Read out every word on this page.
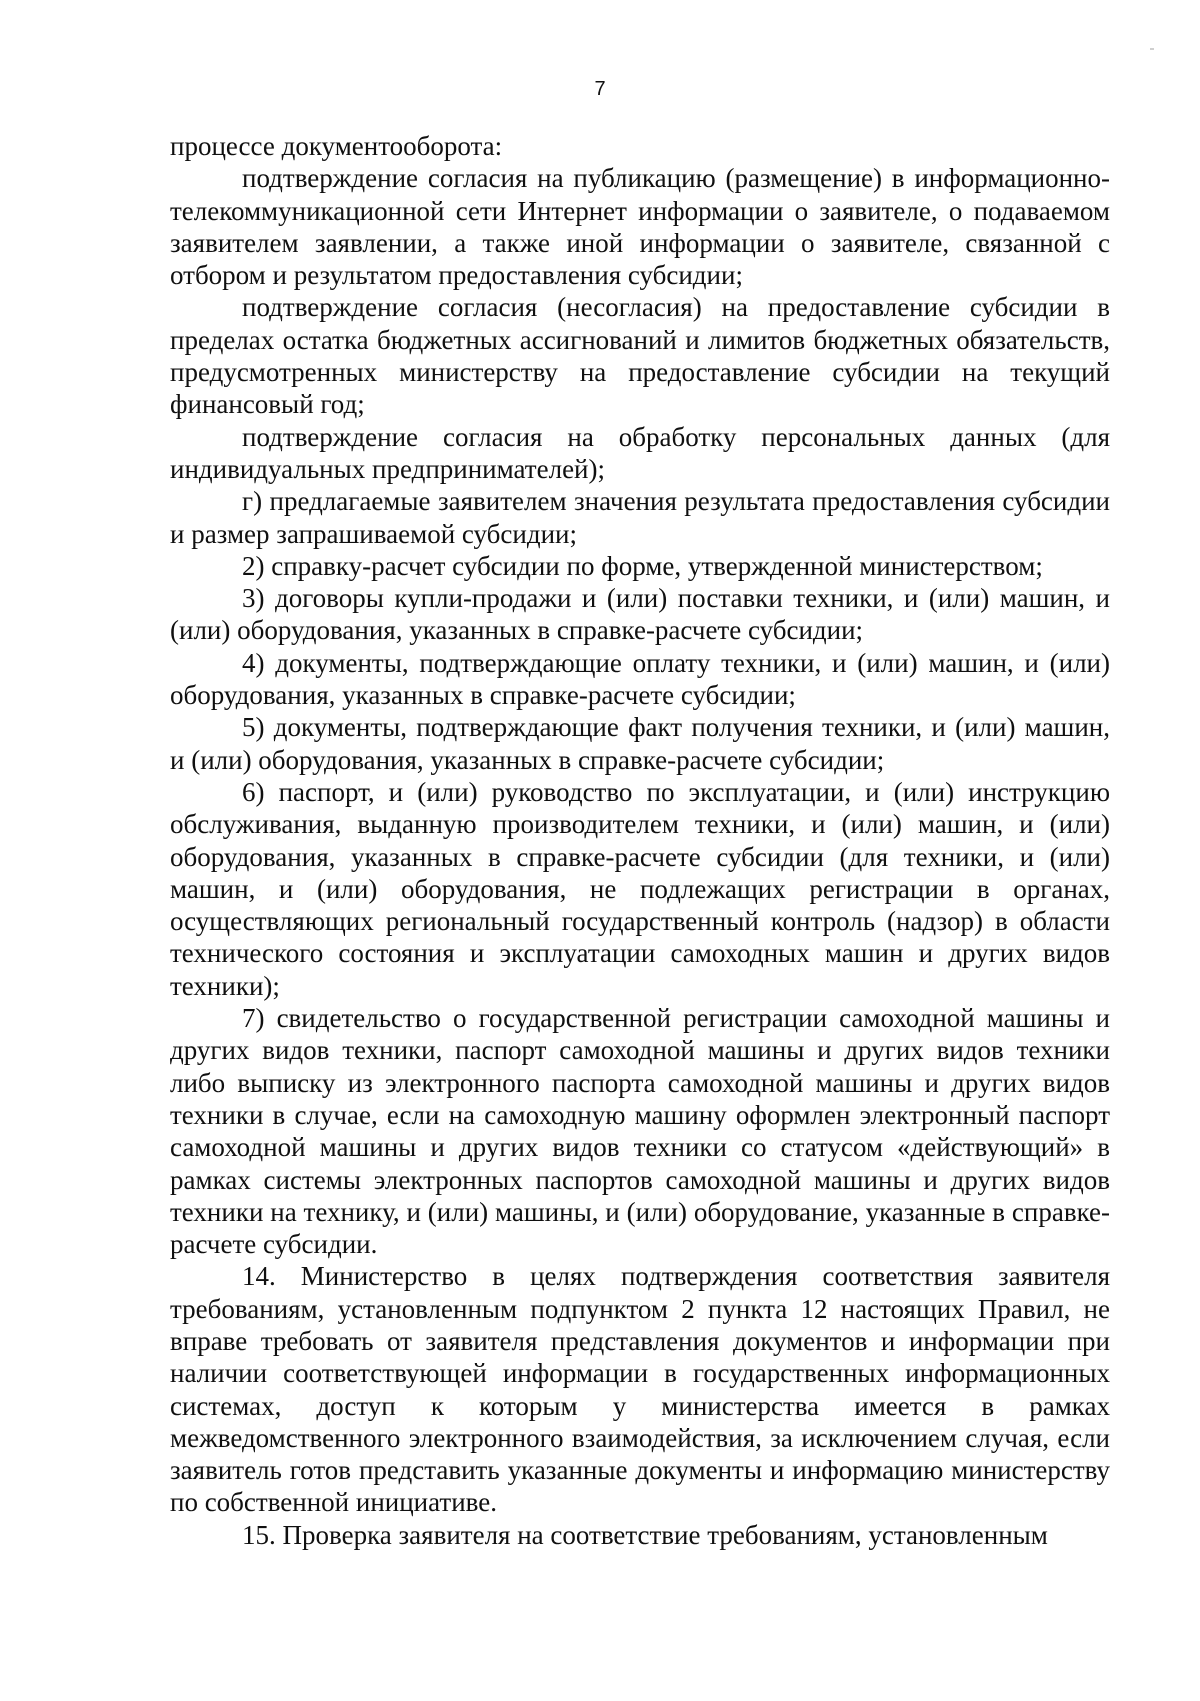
7

процессе документооборота:

подтверждение согласия на публикацию (размещение) в информационно-телекоммуникационной сети Интернет информации о заявителе, о подаваемом заявителем заявлении, а также иной информации о заявителе, связанной с отбором и результатом предоставления субсидии;

подтверждение согласия (несогласия) на предоставление субсидии в пределах остатка бюджетных ассигнований и лимитов бюджетных обязательств, предусмотренных министерству на предоставление субсидии на текущий финансовый год;

подтверждение согласия на обработку персональных данных (для индивидуальных предпринимателей);

г) предлагаемые заявителем значения результата предоставления субсидии и размер запрашиваемой субсидии;

2) справку-расчет субсидии по форме, утвержденной министерством;

3) договоры купли-продажи и (или) поставки техники, и (или) машин, и (или) оборудования, указанных в справке-расчете субсидии;

4) документы, подтверждающие оплату техники, и (или) машин, и (или) оборудования, указанных в справке-расчете субсидии;

5) документы, подтверждающие факт получения техники, и (или) машин, и (или) оборудования, указанных в справке-расчете субсидии;

6) паспорт, и (или) руководство по эксплуатации, и (или) инструкцию обслуживания, выданную производителем техники, и (или) машин, и (или) оборудования, указанных в справке-расчете субсидии (для техники, и (или) машин, и (или) оборудования, не подлежащих регистрации в органах, осуществляющих региональный государственный контроль (надзор) в области технического состояния и эксплуатации самоходных машин и других видов техники);

7) свидетельство о государственной регистрации самоходной машины и других видов техники, паспорт самоходной машины и других видов техники либо выписку из электронного паспорта самоходной машины и других видов техники в случае, если на самоходную машину оформлен электронный паспорт самоходной машины и других видов техники со статусом «действующий» в рамках системы электронных паспортов самоходной машины и других видов техники на технику, и (или) машины, и (или) оборудование, указанные в справке-расчете субсидии.

14. Министерство в целях подтверждения соответствия заявителя требованиям, установленным подпунктом 2 пункта 12 настоящих Правил, не вправе требовать от заявителя представления документов и информации при наличии соответствующей информации в государственных информационных системах, доступ к которым у министерства имеется в рамках межведомственного электронного взаимодействия, за исключением случая, если заявитель готов представить указанные документы и информацию министерству по собственной инициативе.

15. Проверка заявителя на соответствие требованиям, установленным
